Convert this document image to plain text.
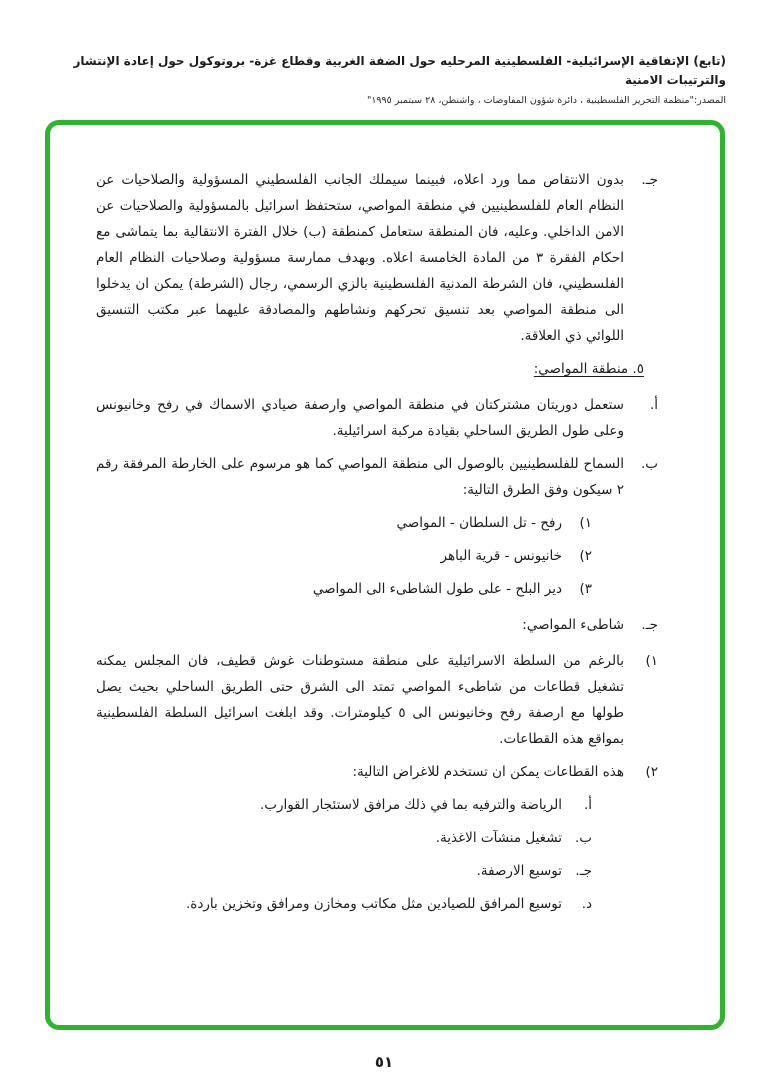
(تابع) الإتفاقية الإسرائيلية- الفلسطينية المرحليه حول الضفة الغربية وقطاع غزة- بروتوكول حول إعادة الإنتشار والترتيبات الامنية
المصدر:"منظمة التحرير الفلسطينية ، دائرة شؤون المفاوضات ، واشنطن، ٢٨ سبتمبر ١٩٩٥"
جـ.
بدون الانتقاص مما ورد اعلاه، فبينما سيملك الجانب الفلسطيني المسؤولية والصلاحيات عن النظام العام للفلسطينيين في منطقة المواصي، ستحتفظ اسرائيل بالمسؤولية والصلاحيات عن الامن الداخلي. وعليه، فان المنطقة ستعامل كمنطقة (ب) خلال الفترة الانتقالية بما يتماشى مع احكام الفقرة ٣ من المادة الخامسة اعلاه. وبهدف ممارسة مسؤولية وصلاحيات النظام العام الفلسطيني، فان الشرطة المدنية الفلسطينية بالزي الرسمي، رجال (الشرطة) يمكن ان يدخلوا الى منطقة المواصي بعد تنسيق تحركهم ونشاطهم والمصادقة عليهما عبر مكتب التنسيق اللوائي ذي العلاقة.
٥. منطقة المواصي:
أ.
ستعمل دوريتان مشتركتان في منطقة المواصي وارصفة صيادي الاسماك في رفح وخانيونس وعلى طول الطريق الساحلي بقيادة مركبة اسرائيلية.
ب.
السماح للفلسطينيين بالوصول الى منطقة المواصي كما هو مرسوم على الخارطة المرفقة رقم ٢ سيكون وفق الطرق التالية:
١)
رفح - تل السلطان - المواصي
٢)
خانيونس - قرية الباهر
٣)
دير البلح - على طول الشاطىء الى المواصي
جـ.
شاطىء المواصي:
١)
بالرغم من السلطة الاسرائيلية على منطقة مستوطنات غوش قطيف، فان المجلس يمكنه تشغيل قطاعات من شاطىء المواصي تمتد الى الشرق حتى الطريق الساحلي بحيث يصل طولها مع ارصفة رفح وخانيونس الى ٥ كيلومترات. وقد ابلغت اسرائيل السلطة الفلسطينية بمواقع هذه القطاعات.
٢)
هذه القطاعات يمكن ان تستخدم للاغراض التالية:
أ.
الرياضة والترفيه بما في ذلك مرافق لاستئجار القوارب.
ب.
تشغيل منشآت الاغذية.
جـ.
توسيع الارصفة.
د.
توسيع المرافق للصيادين مثل مكاتب ومخازن ومرافق وتخزين باردة.
٥١
